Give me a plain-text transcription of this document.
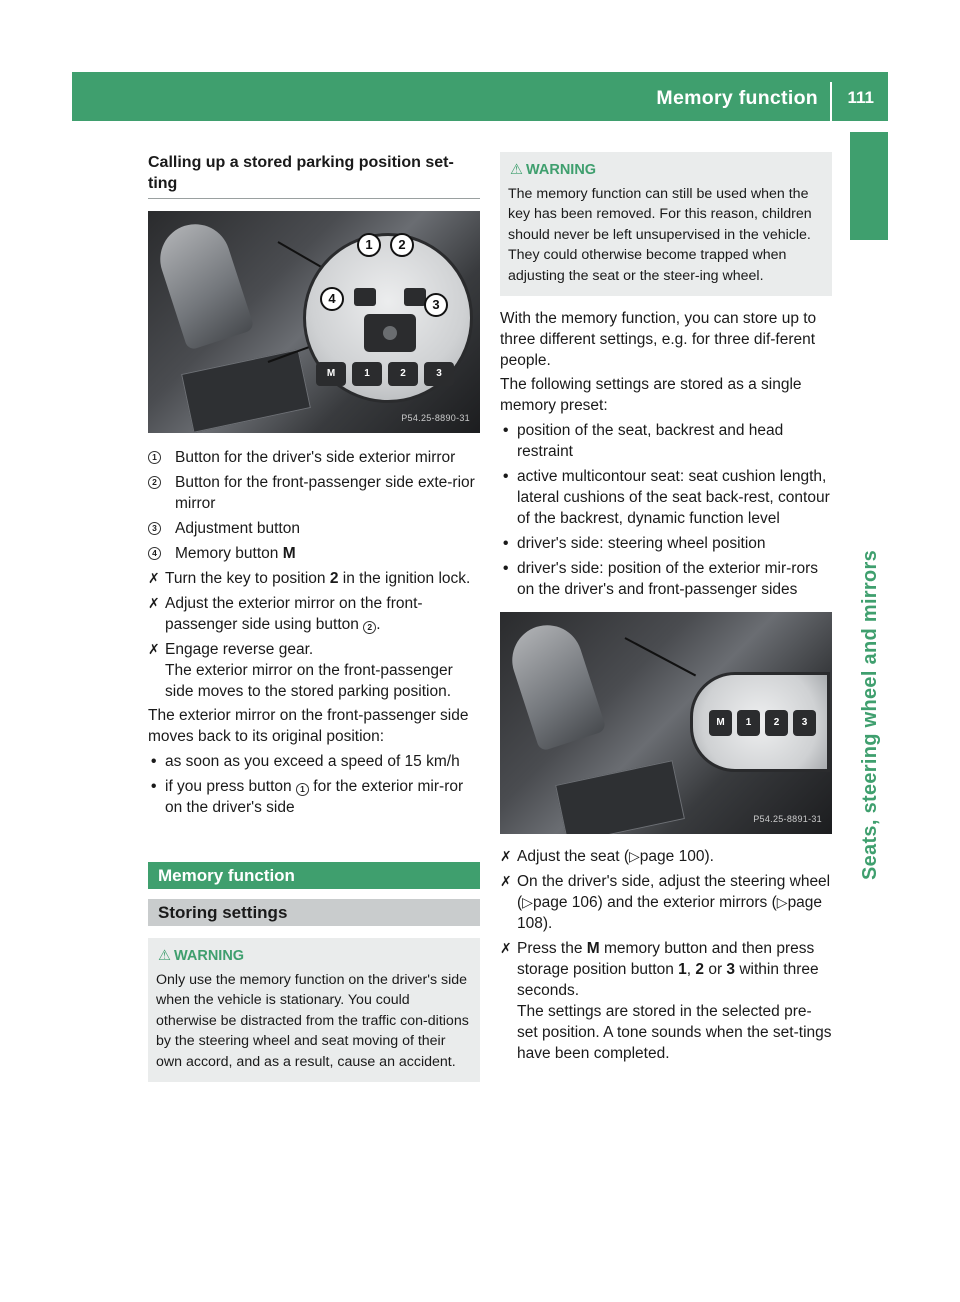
Memory function 111
Seats, steering wheel and mirrors
Calling up a stored parking position set-
ting
M	1	2	3
1	2
3
4
P54.25-8890-31
1 Button for the driver's side exterior mirror
2 Button for the front-passenger side exte-rior mirror
3 Adjustment button
4 Memory button M
✗ Turn the key to position 2 in the ignition lock.
✗ Adjust the exterior mirror on the front-passenger side using button 2 .
✗ Engage reverse gear.
The exterior mirror on the front-passenger side moves to the stored parking position.
The exterior mirror on the front-passenger side moves back to its original position:
• as soon as you exceed a speed of 15 km/h
• if you press button 1 for the exterior mir-ror on the driver's side
Memory function
Storing settings
⚠ WARNING
Only use the memory function on the driver's side when the vehicle is stationary. You could otherwise be distracted from the traffic con-ditions by the steering wheel and seat moving of their own accord, and as a result, cause an accident.
⚠ WARNING
The memory function can still be used when the key has been removed. For this reason, children should never be left unsupervised in the vehicle. They could otherwise become trapped when adjusting the seat or the steer-ing wheel.
With the memory function, you can store up to three different settings, e.g. for three dif-ferent people.
The following settings are stored as a single memory preset:
• position of the seat, backrest and head restraint
• active multicontour seat: seat cushion length, lateral cushions of the seat back-rest, contour of the backrest, dynamic function level
• driver's side: steering wheel position
• driver's side: position of the exterior mir-rors on the driver's and front-passenger sides
M	1	2	3
P54.25-8891-31
✗ Adjust the seat (▷page 100).
✗ On the driver's side, adjust the steering wheel (▷page 106) and the exterior mirrors (▷page 108).
✗ Press the M memory button and then press storage position button 1, 2 or 3 within three seconds.
The settings are stored in the selected pre-set position. A tone sounds when the set-tings have been completed.
